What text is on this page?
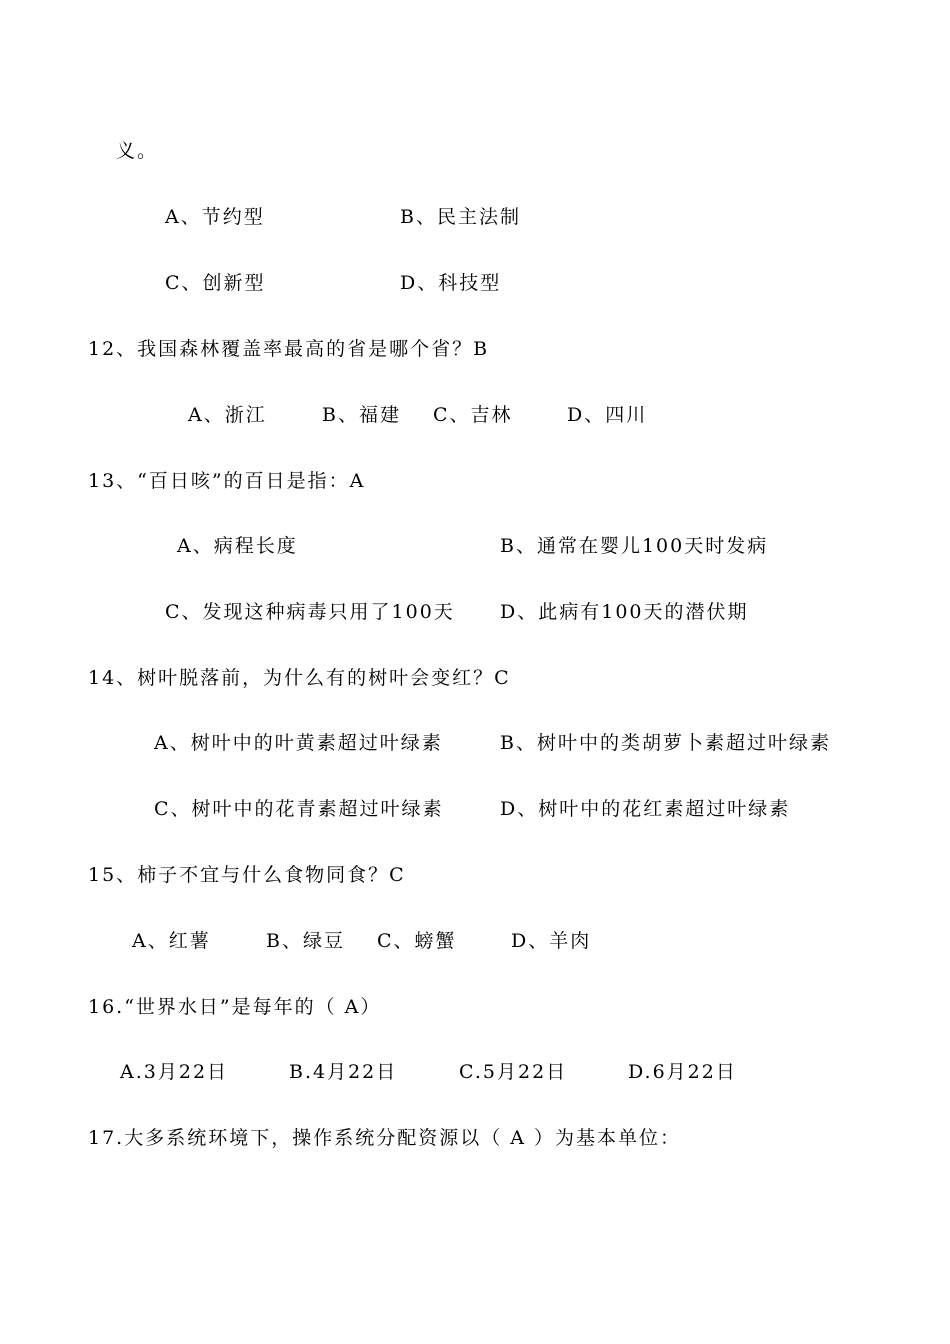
义。
A、节约型	B、民主法制
C、创新型	D、科技型
12、我国森林覆盖率最高的省是哪个省？B
A、浙江	B、福建 C、吉林	D、四川
13、“百日咳”的百日是指：A
A、病程长度	B、通常在婴儿100天时发病
C、发现这种病毒只用了100天 D、此病有100天的潜伏期
14、树叶脱落前，为什么有的树叶会变红？C
A、树叶中的叶黄素超过叶绿素	B、树叶中的类胡萝卜素超过叶绿素
C、树叶中的花青素超过叶绿素	D、树叶中的花红素超过叶绿素
15、柿子不宜与什么食物同食？C
A、红薯	B、绿豆 C、螃蟹	D、羊肉
16.“世界水日”是每年的（ A）
A.3月22日	B.4月22日	C.5月22日	D.6月22日
17.大多系统环境下，操作系统分配资源以（ A ）为基本单位：
